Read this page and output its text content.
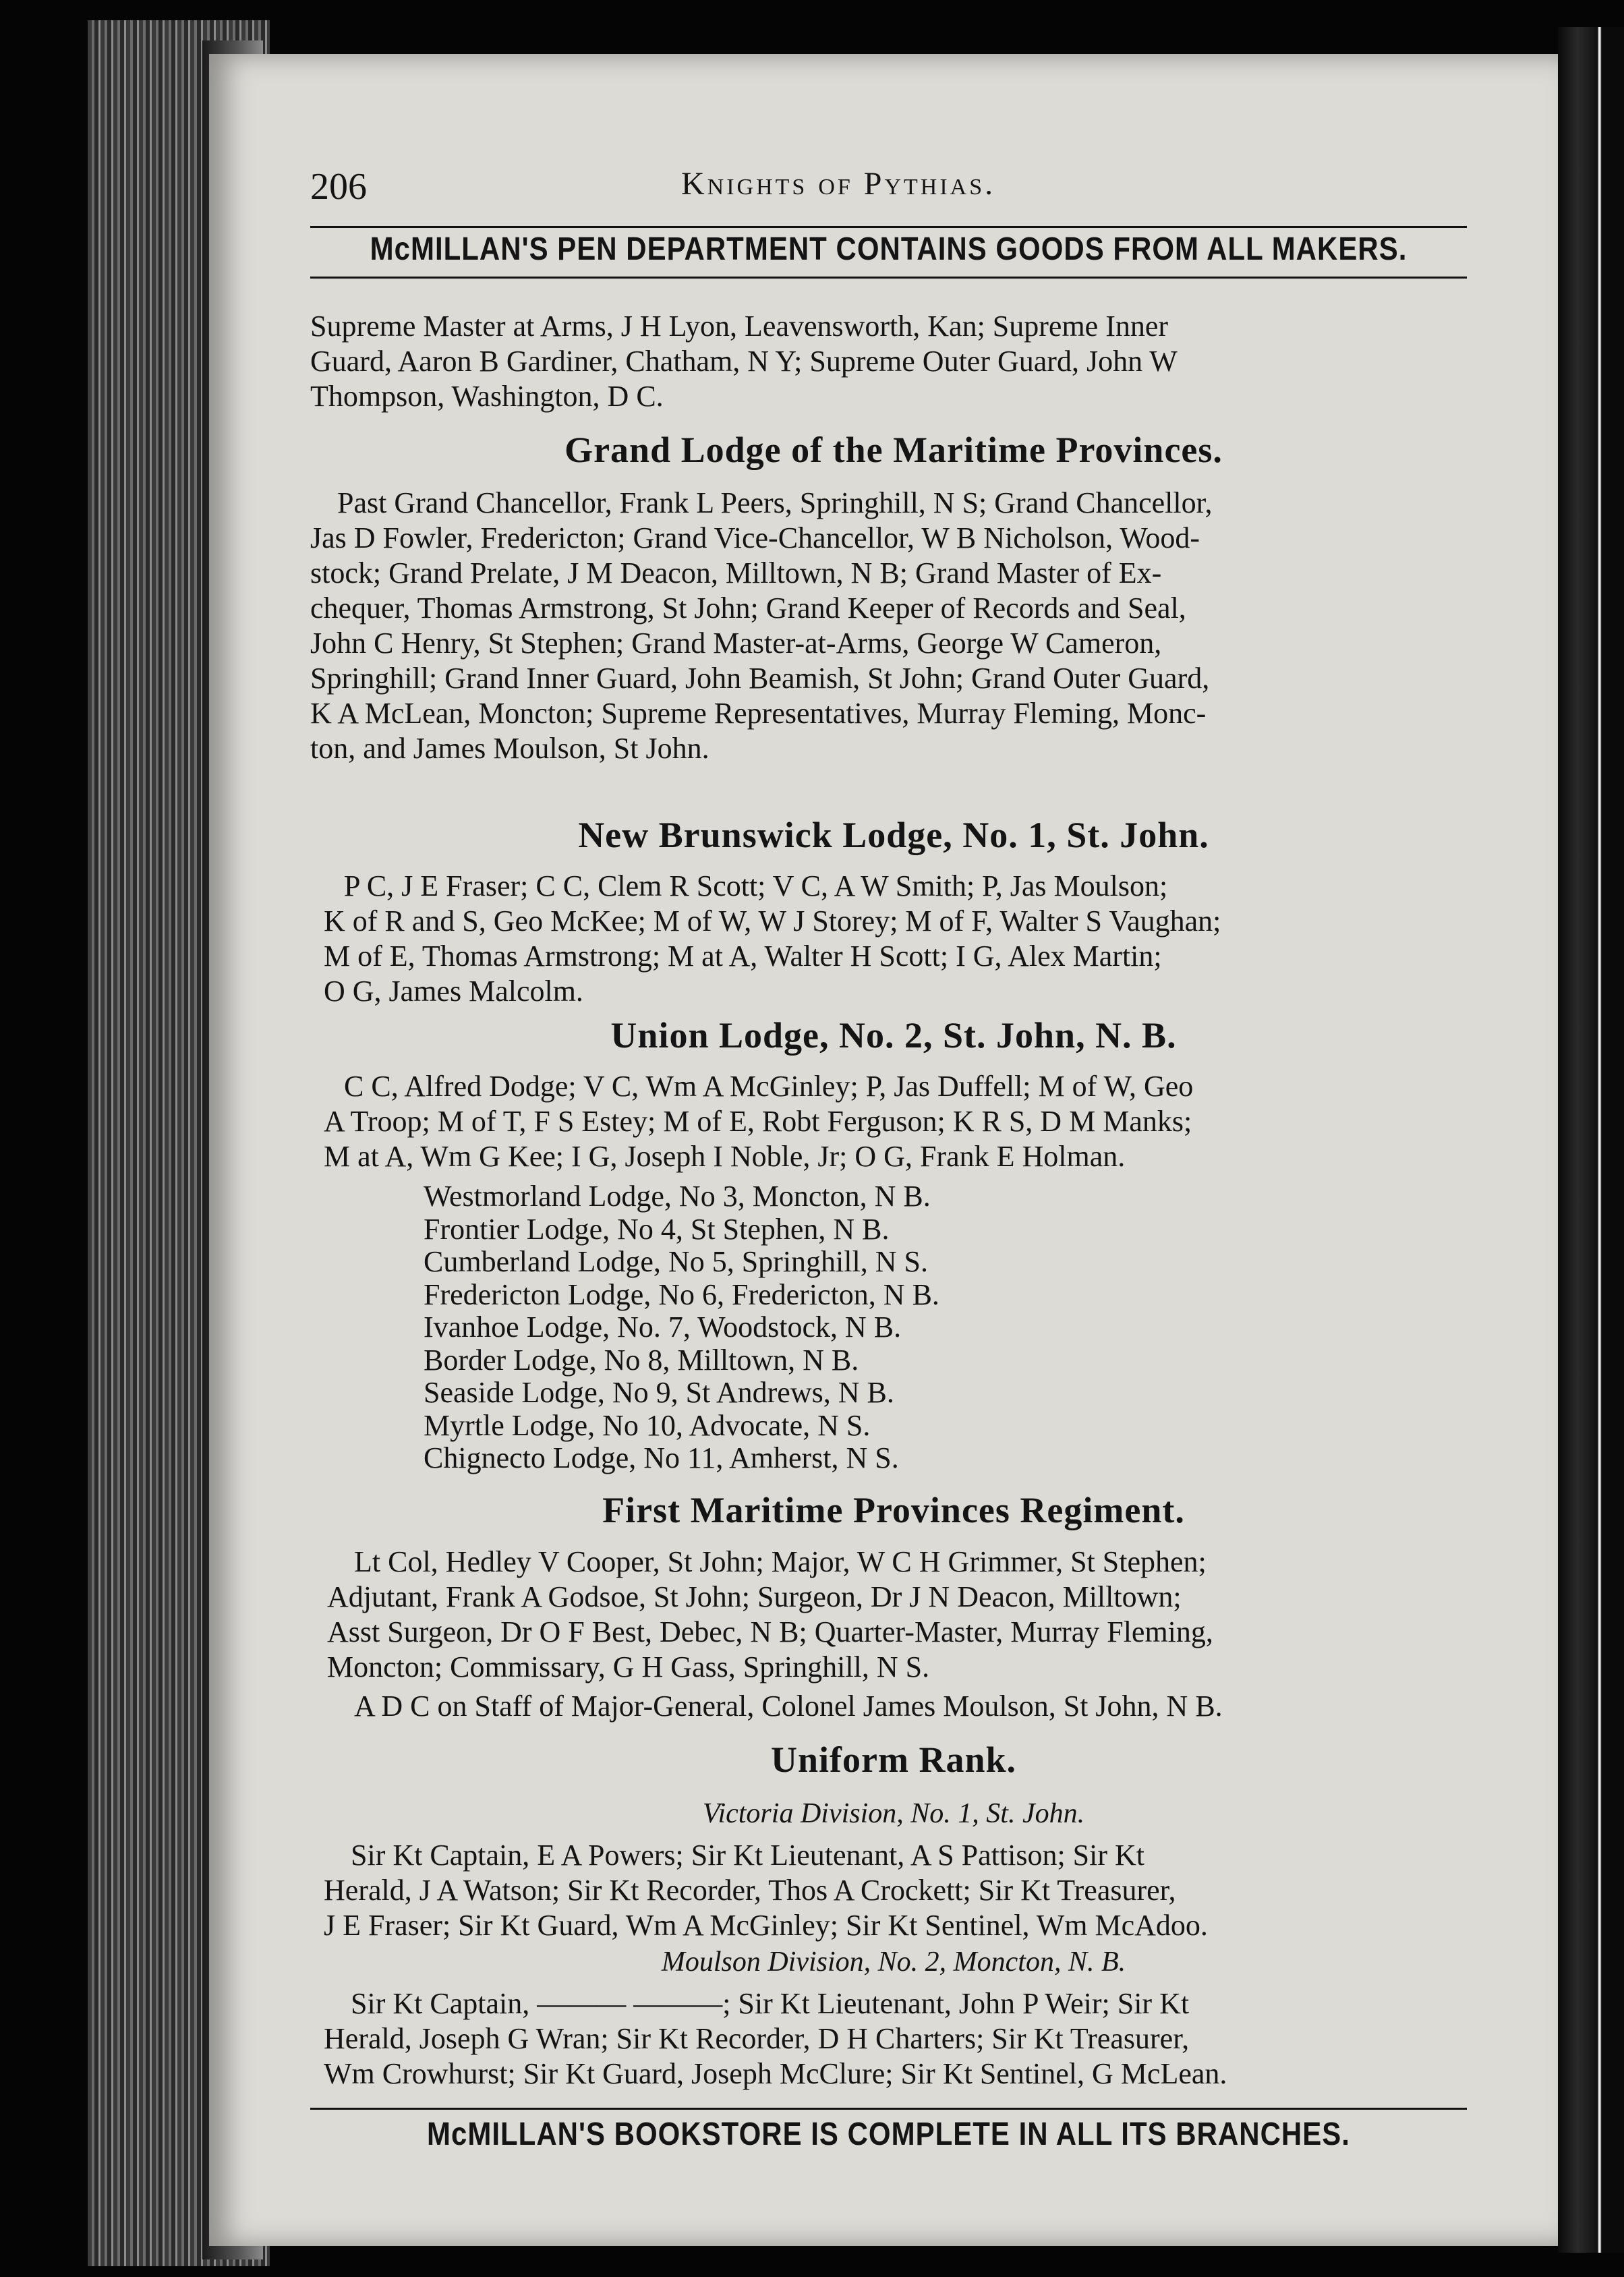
206	Knights of Pythias.
McMILLAN'S PEN DEPARTMENT CONTAINS GOODS FROM ALL MAKERS.
Supreme Master at Arms, J H Lyon, Leavensworth, Kan; Supreme Inner
Guard, Aaron B Gardiner, Chatham, N Y; Supreme Outer Guard, John W
Thompson, Washington, D C.
Grand Lodge of the Maritime Provinces.
Past Grand Chancellor, Frank L Peers, Springhill, N S; Grand Chancellor,
Jas D Fowler, Fredericton; Grand Vice-Chancellor, W B Nicholson, Wood-
stock; Grand Prelate, J M Deacon, Milltown, N B; Grand Master of Ex-
chequer, Thomas Armstrong, St John; Grand Keeper of Records and Seal,
John C Henry, St Stephen; Grand Master-at-Arms, George W Cameron,
Springhill; Grand Inner Guard, John Beamish, St John; Grand Outer Guard,
K A McLean, Moncton; Supreme Representatives, Murray Fleming, Monc-
ton, and James Moulson, St John.
New Brunswick Lodge, No. 1, St. John.
P C, J E Fraser; C C, Clem R Scott; V C, A W Smith; P, Jas Moulson;
K of R and S, Geo McKee; M of W, W J Storey; M of F, Walter S Vaughan;
M of E, Thomas Armstrong; M at A, Walter H Scott; I G, Alex Martin;
O G, James Malcolm.
Union Lodge, No. 2, St. John, N. B.
C C, Alfred Dodge; V C, Wm A McGinley; P, Jas Duffell; M of W, Geo
A Troop; M of T, F S Estey; M of E, Robt Ferguson; K R S, D M Manks;
M at A, Wm G Kee; I G, Joseph I Noble, Jr; O G, Frank E Holman.
Westmorland Lodge, No 3, Moncton, N B.
Frontier Lodge, No 4, St Stephen, N B.
Cumberland Lodge, No 5, Springhill, N S.
Fredericton Lodge, No 6, Fredericton, N B.
Ivanhoe Lodge, No. 7, Woodstock, N B.
Border Lodge, No 8, Milltown, N B.
Seaside Lodge, No 9, St Andrews, N B.
Myrtle Lodge, No 10, Advocate, N S.
Chignecto Lodge, No 11, Amherst, N S.
First Maritime Provinces Regiment.
Lt Col, Hedley V Cooper, St John; Major, W C H Grimmer, St Stephen;
Adjutant, Frank A Godsoe, St John; Surgeon, Dr J N Deacon, Milltown;
Asst Surgeon, Dr O F Best, Debec, N B; Quarter-Master, Murray Fleming,
Moncton; Commissary, G H Gass, Springhill, N S.
A D C on Staff of Major-General, Colonel James Moulson, St John, N B.
Uniform Rank.
Victoria Division, No. 1, St. John.
Sir Kt Captain, E A Powers; Sir Kt Lieutenant, A S Pattison; Sir Kt
Herald, J A Watson; Sir Kt Recorder, Thos A Crockett; Sir Kt Treasurer,
J E Fraser; Sir Kt Guard, Wm A McGinley; Sir Kt Sentinel, Wm McAdoo.
Moulson Division, No. 2, Moncton, N. B.
Sir Kt Captain, ——— ———; Sir Kt Lieutenant, John P Weir; Sir Kt
Herald, Joseph G Wran; Sir Kt Recorder, D H Charters; Sir Kt Treasurer,
Wm Crowhurst; Sir Kt Guard, Joseph McClure; Sir Kt Sentinel, G McLean.
McMILLAN'S BOOKSTORE IS COMPLETE IN ALL ITS BRANCHES.
